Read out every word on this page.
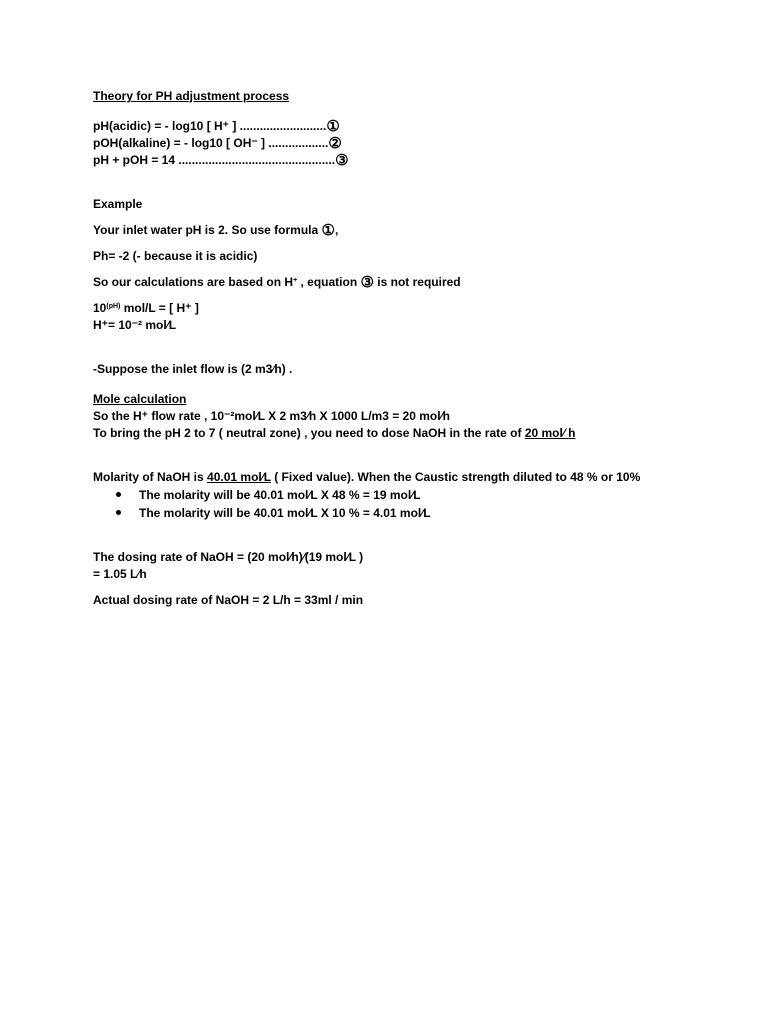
Theory for PH adjustment process
pH(acidic) = - log10 [ H⁺ ] ..........................①
pOH(alkaline) = - log10 [ OH⁻ ] ..................②
pH + pOH = 14 ...............................................③
Example
Your inlet water pH is 2. So use formula ①,
Ph= -2 (- because it is acidic)
So our calculations are based on H+ , equation ③ is not required
$10^{(pH)}$ mol/L = [ H⁺ ]
H⁺= 10⁻² mol⁄L
-Suppose the inlet flow is (2 m3⁄h) .
Mole calculation
So the H⁺ flow rate , 10⁻²mol⁄L X 2 m3⁄h X 1000 L/m3 = 20 mol⁄h
To bring the pH 2 to 7 ( neutral zone) , you need to dose NaOH in the rate of 20 mol⁄ h
Molarity of NaOH is 40.01 mol⁄L ( Fixed value). When the Caustic strength diluted to 48 % or 10%
The molarity will be 40.01 mol⁄L X 48 % = 19 mol⁄L
The molarity will be 40.01 mol⁄L X 10 % = 4.01 mol⁄L
The dosing rate of NaOH = (20 mol⁄h)⁄(19 mol⁄L )
= 1.05 L⁄h
Actual dosing rate of NaOH = 2 L/h = 33ml / min
